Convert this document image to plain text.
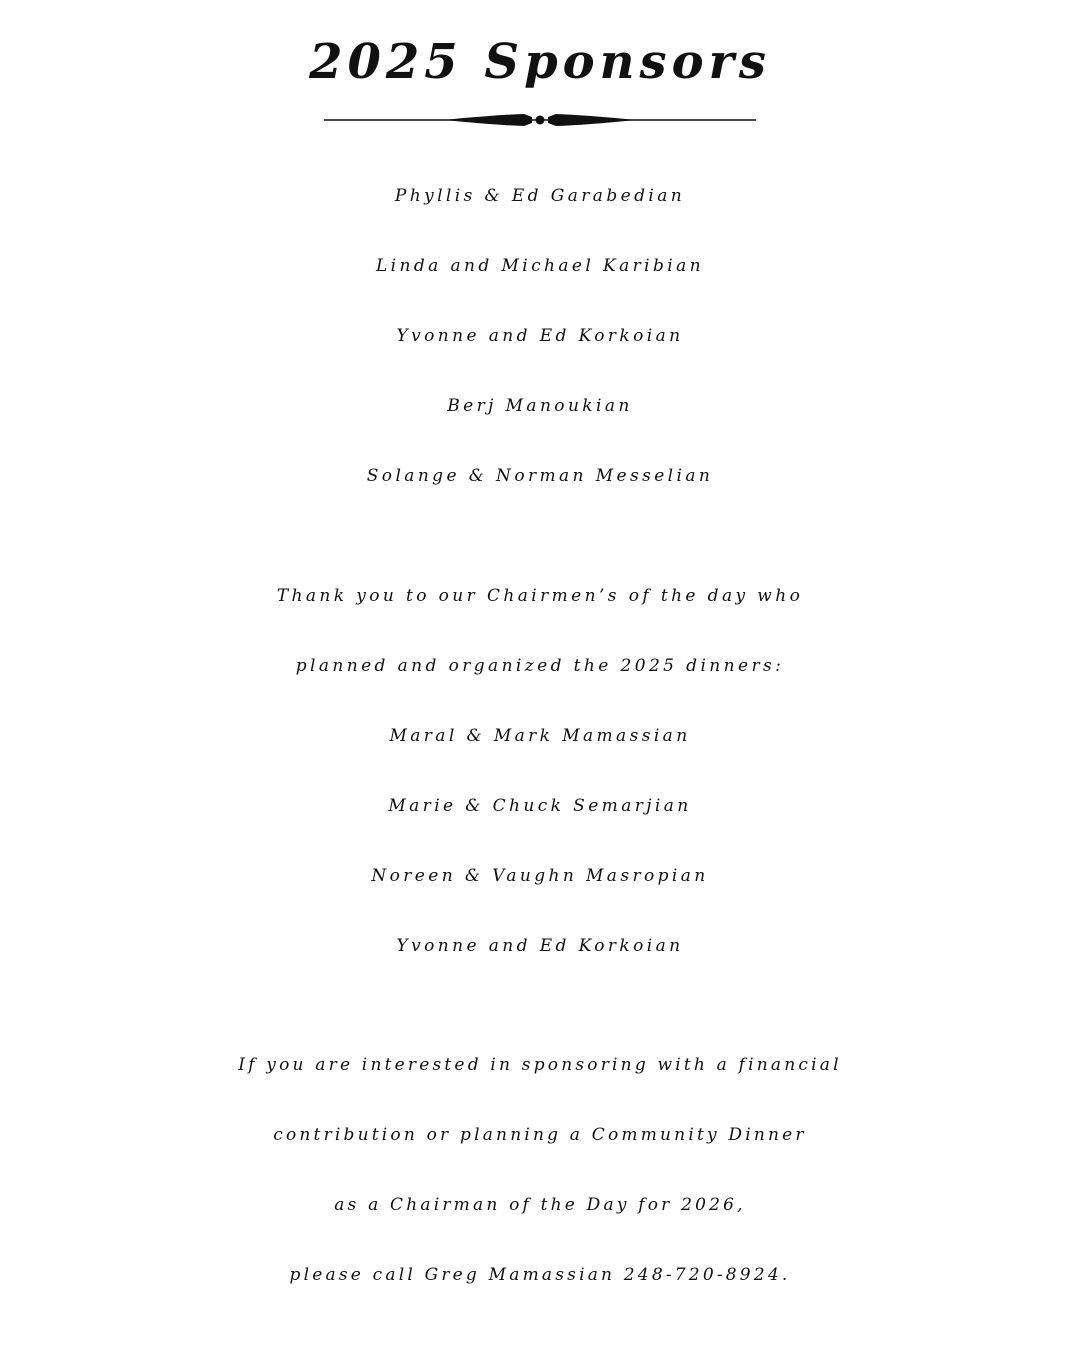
2025 Sponsors
Phyllis & Ed Garabedian
Linda and Michael Karibian
Yvonne and Ed Korkoian
Berj Manoukian
Solange & Norman Messelian
Thank you to our Chairmen’s of the day who
planned and organized the 2025 dinners:
Maral & Mark Mamassian
Marie & Chuck Semarjian
Noreen & Vaughn Masropian
Yvonne and Ed Korkoian
If you are interested in sponsoring with a financial
contribution or planning a Community Dinner
as a Chairman of the Day for 2026,
please call Greg Mamassian 248-720-8924.
